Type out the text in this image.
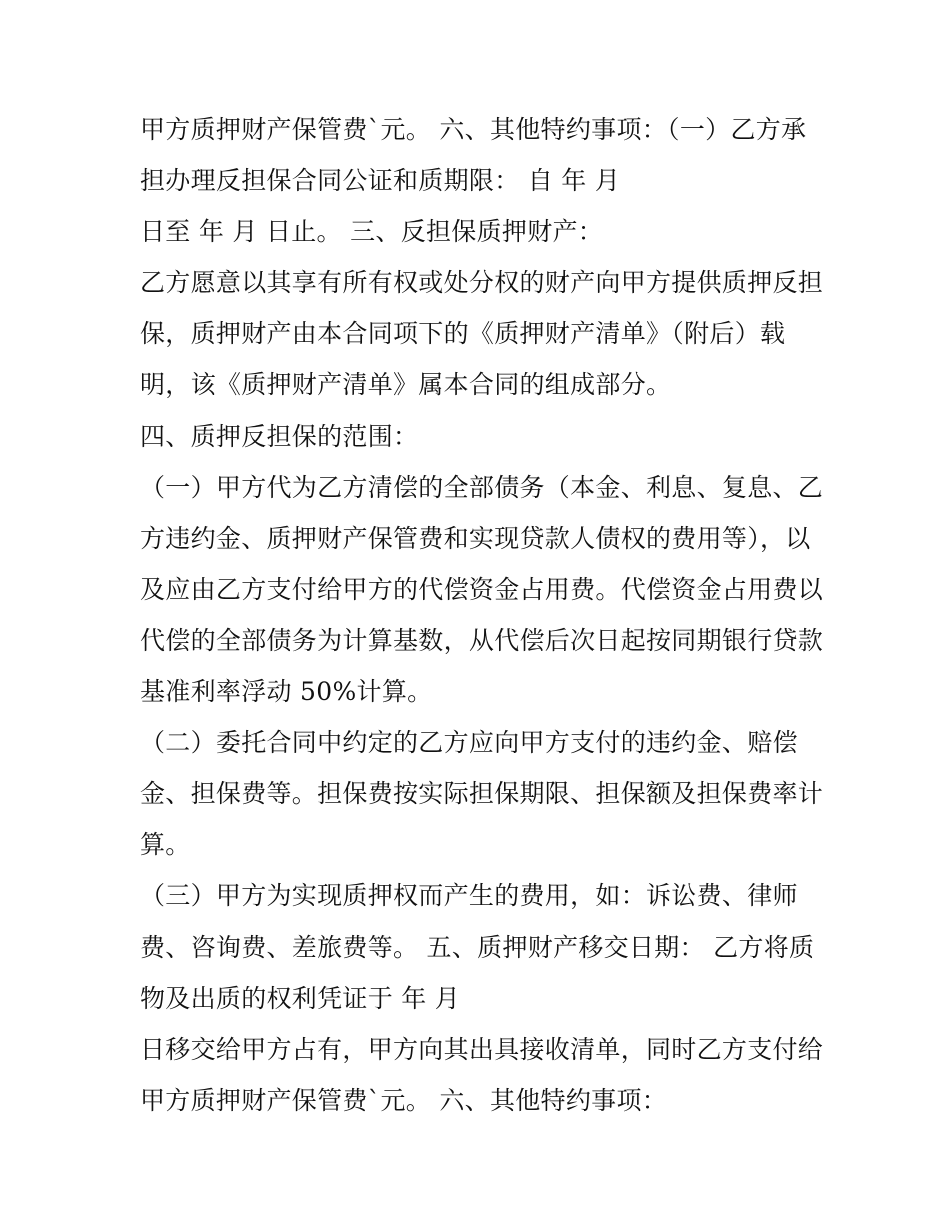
甲方质押财产保管费`元。 六、其他特约事项：（一）乙方承
担办理反担保合同公证和质期限： 自 年 月
日至 年 月 日止。 三、反担保质押财产：
乙方愿意以其享有所有权或处分权的财产向甲方提供质押反担
保，质押财产由本合同项下的《质押财产清单》（附后）载
明，该《质押财产清单》属本合同的组成部分。
四、质押反担保的范围：
（一）甲方代为乙方清偿的全部债务（本金、利息、复息、乙
方违约金、质押财产保管费和实现贷款人债权的费用等），以
及应由乙方支付给甲方的代偿资金占用费。代偿资金占用费以
代偿的全部债务为计算基数，从代偿后次日起按同期银行贷款
基准利率浮动 50%计算。
（二）委托合同中约定的乙方应向甲方支付的违约金、赔偿
金、担保费等。担保费按实际担保期限、担保额及担保费率计
算。
（三）甲方为实现质押权而产生的费用，如：诉讼费、律师
费、咨询费、差旅费等。 五、质押财产移交日期： 乙方将质
物及出质的权利凭证于 年 月
日移交给甲方占有，甲方向其出具接收清单，同时乙方支付给
甲方质押财产保管费`元。 六、其他特约事项：
